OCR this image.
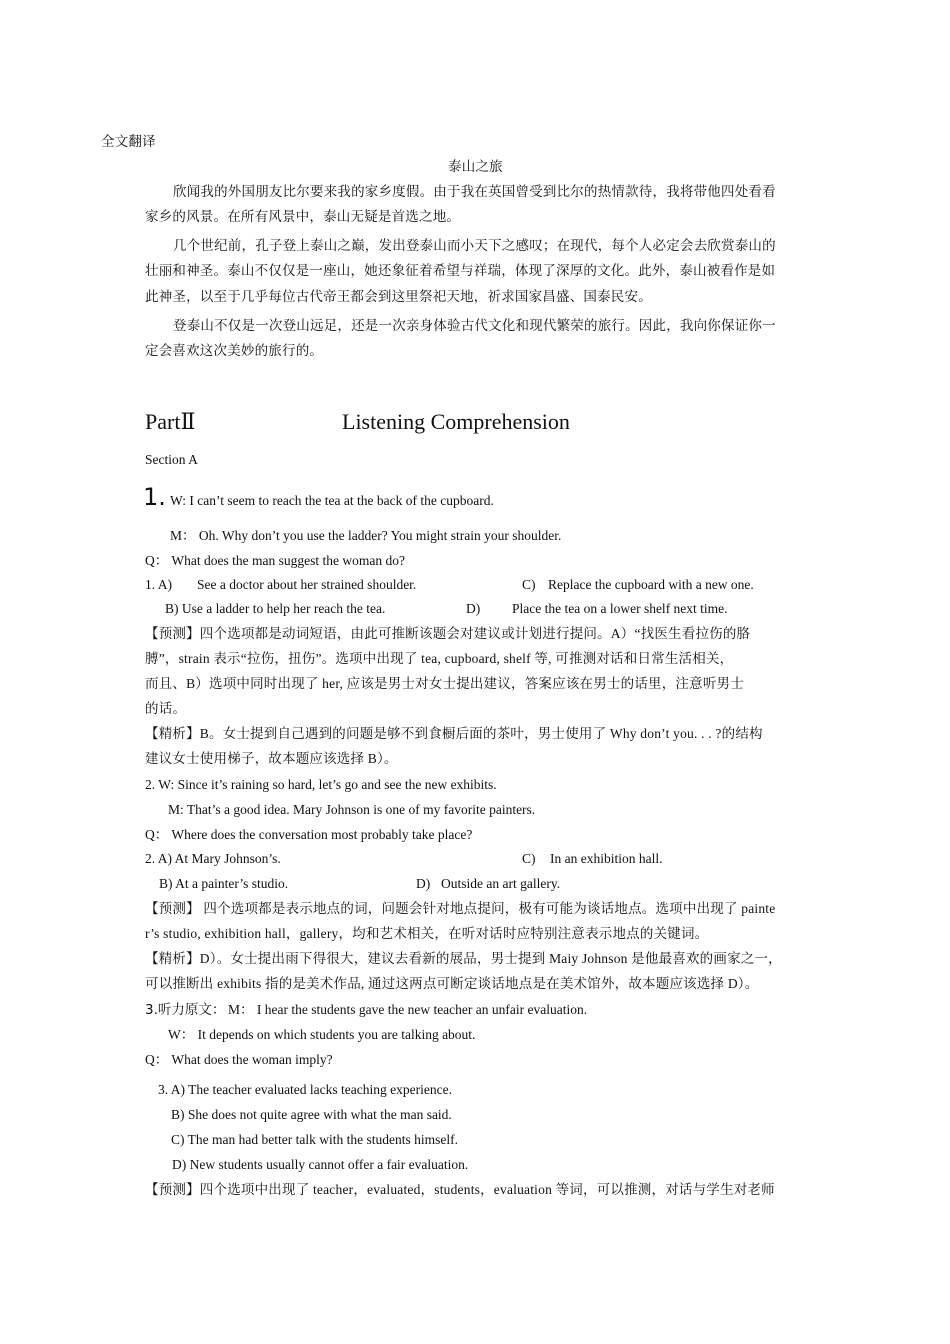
全文翻译
泰山之旅
欣闻我的外国朋友比尔要来我的家乡度假。由于我在英国曾受到比尔的热情款待，我将带他四处看看
家乡的风景。在所有风景中，泰山无疑是首选之地。
几个世纪前，孔子登上泰山之巅，发出登泰山而小天下之感叹；在现代，每个人必定会去欣赏泰山的
壮丽和神圣。泰山不仅仅是一座山，她还象征着希望与祥瑞，体现了深厚的文化。此外，泰山被看作是如
此神圣，以至于几乎每位古代帝王都会到这里祭祀天地，祈求国家昌盛、国泰民安。
登泰山不仅是一次登山远足，还是一次亲身体验古代文化和现代繁荣的旅行。因此，我向你保证你一
定会喜欢这次美妙的旅行的。
PartⅡ	Listening Comprehension
Section A
1. W: I can’t seem to reach the tea at the back of the cupboard.
M： Oh. Why don’t you use the ladder? You might strain your shoulder.
Q： What does the man suggest the woman do?
1. A) See a doctor about her strained shoulder.	C) Replace the cupboard with a new one.
B) Use a ladder to help her reach the tea.	D) Place the tea on a lower shelf next time.
【预测】四个选项都是动词短语，由此可推断该题会对建议或计划进行提问。A）“找医生看拉伤的胳
膊”，strain 表示“拉伤，扭伤”。选项中出现了 tea, cupboard, shelf 等, 可推测对话和日常生活相关，
而且、B）选项中同时出现了 her, 应该是男士对女士提出建议，答案应该在男士的话里，注意听男士
的话。
【精析】B。女士提到自己遇到的问题是够不到食橱后面的茶叶，男士使用了 Why don’t you. . . ?的结构
建议女士使用梯子，故本题应该选择 B）。
2. W: Since it’s raining so hard, let’s go and see the new exhibits.
M: That’s a good idea. Mary Johnson is one of my favorite painters.
Q： Where does the conversation most probably take place?
2. A) At Mary Johnson’s.	C) In an exhibition hall.
B) At a painter’s studio.	D) Outside an art gallery.
【预测】 四个选项都是表示地点的词，问题会针对地点提问，极有可能为谈话地点。选项中出现了 painte
r’s studio, exhibition hall，gallery，均和艺术相关，在听对话时应特别注意表示地点的关键词。
【精析】D）。女士提出雨下得很大，建议去看新的展品，男士提到 Maiy Johnson 是他最喜欢的画家之一，
可以推断出 exhibits 指的是美术作品, 通过这两点可断定谈话地点是在美术馆外，故本题应该选择 D）。
3.听力原文： M： I hear the students gave the new teacher an unfair evaluation.
W： It depends on which students you are talking about.
Q： What does the woman imply?
3. A) The teacher evaluated lacks teaching experience.
B) She does not quite agree with what the man said.
C) The man had better talk with the students himself.
D) New students usually cannot offer a fair evaluation.
【预测】四个选项中出现了 teacher，evaluated，students，evaluation 等词，可以推测，对话与学生对老师
